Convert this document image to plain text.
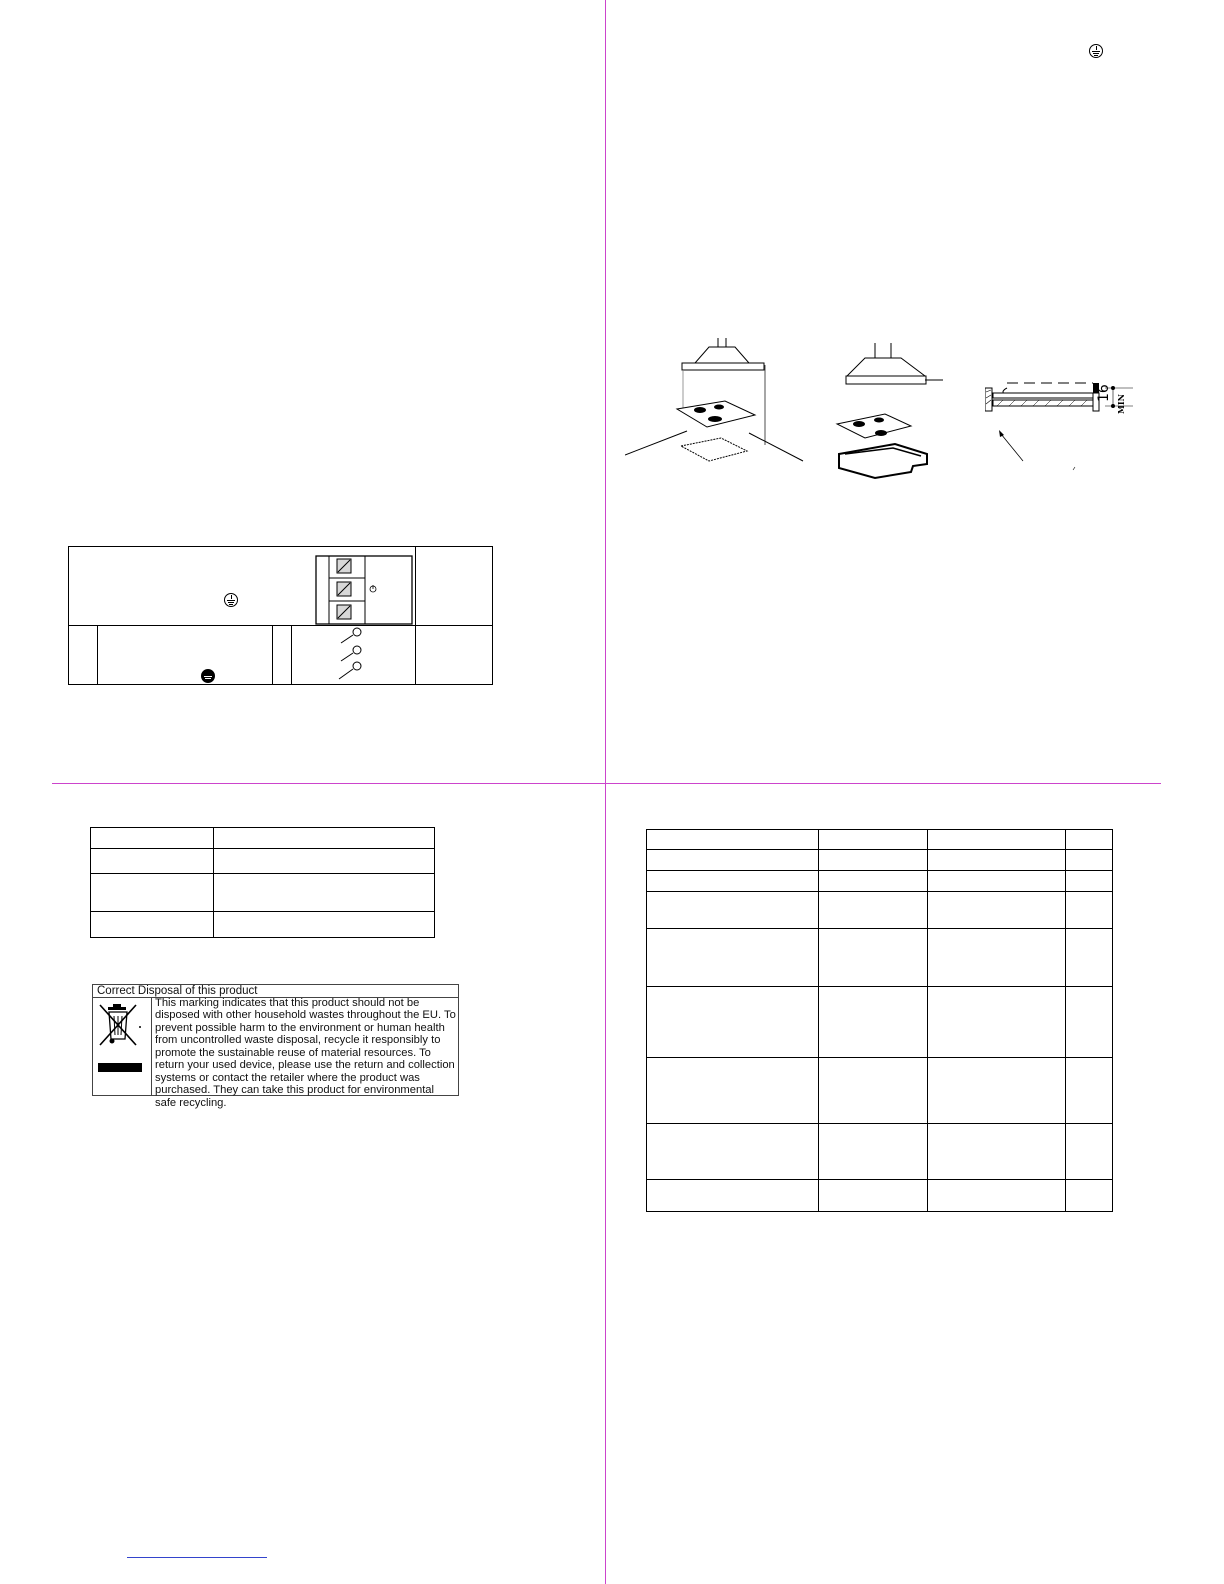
16
MIN

Correct Disposal of this product
This marking indicates that this product should not be disposed with other household wastes throughout the EU. To prevent possible harm to the environment or human health from uncontrolled waste disposal, recycle it responsibly to promote the sustainable reuse of material resources. To return your used device, please use the return and collection systems or contact the retailer where the product was purchased. They can take this product for environmental safe recycling.
